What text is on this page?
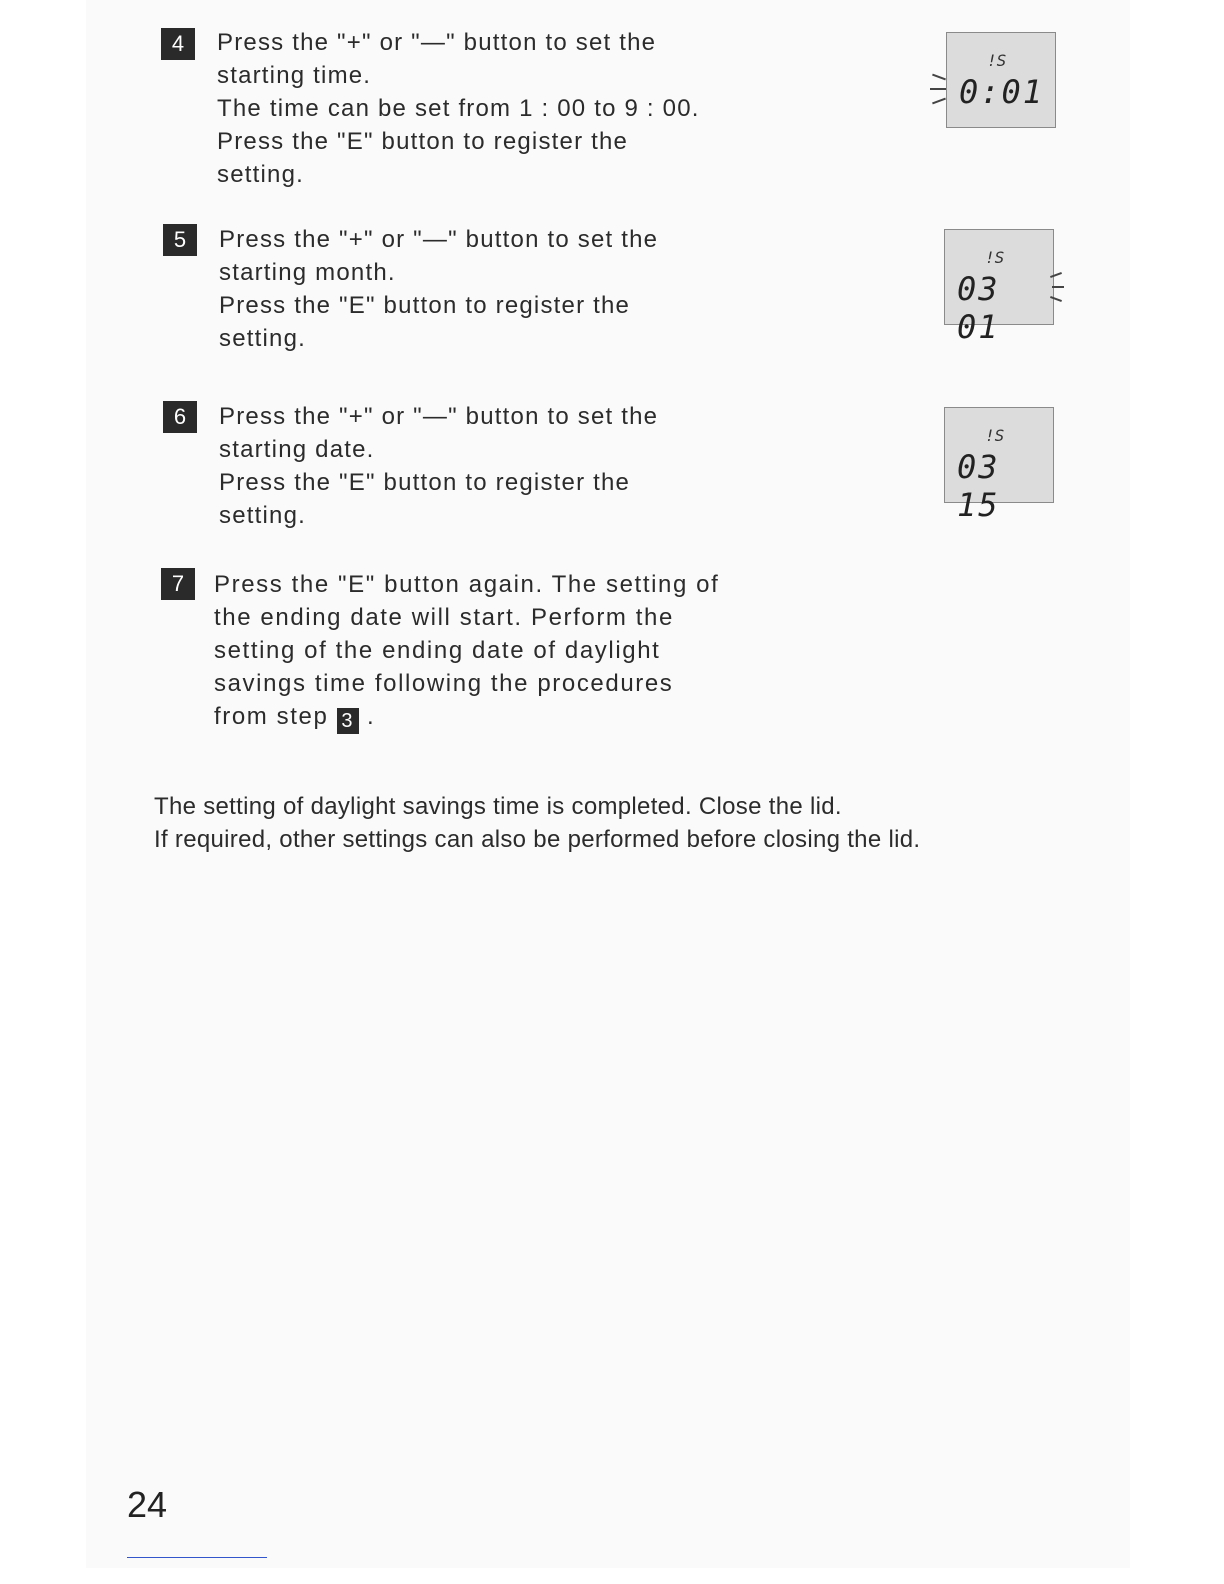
4	Press the "+" or "—" button to set the

starting time.

The time can be set from 1 : 00 to 9 : 00.

Press the "E" button to register the

setting.

!S
0:01
5	Press the "+" or "—" button to set the

starting month.

Press the "E" button to register the

setting.

!S
03 01
6	Press the "+" or "—" button to set the

starting date.

Press the "E" button to register the

setting.

!S
03 15
7	Press the "E" button again. The setting of

the ending date will start. Perform the

setting of the ending date of daylight

savings time following the procedures

from step 3 .

The setting of daylight savings time is completed. Close the lid.

If required, other settings can also be performed before closing the lid.

24
